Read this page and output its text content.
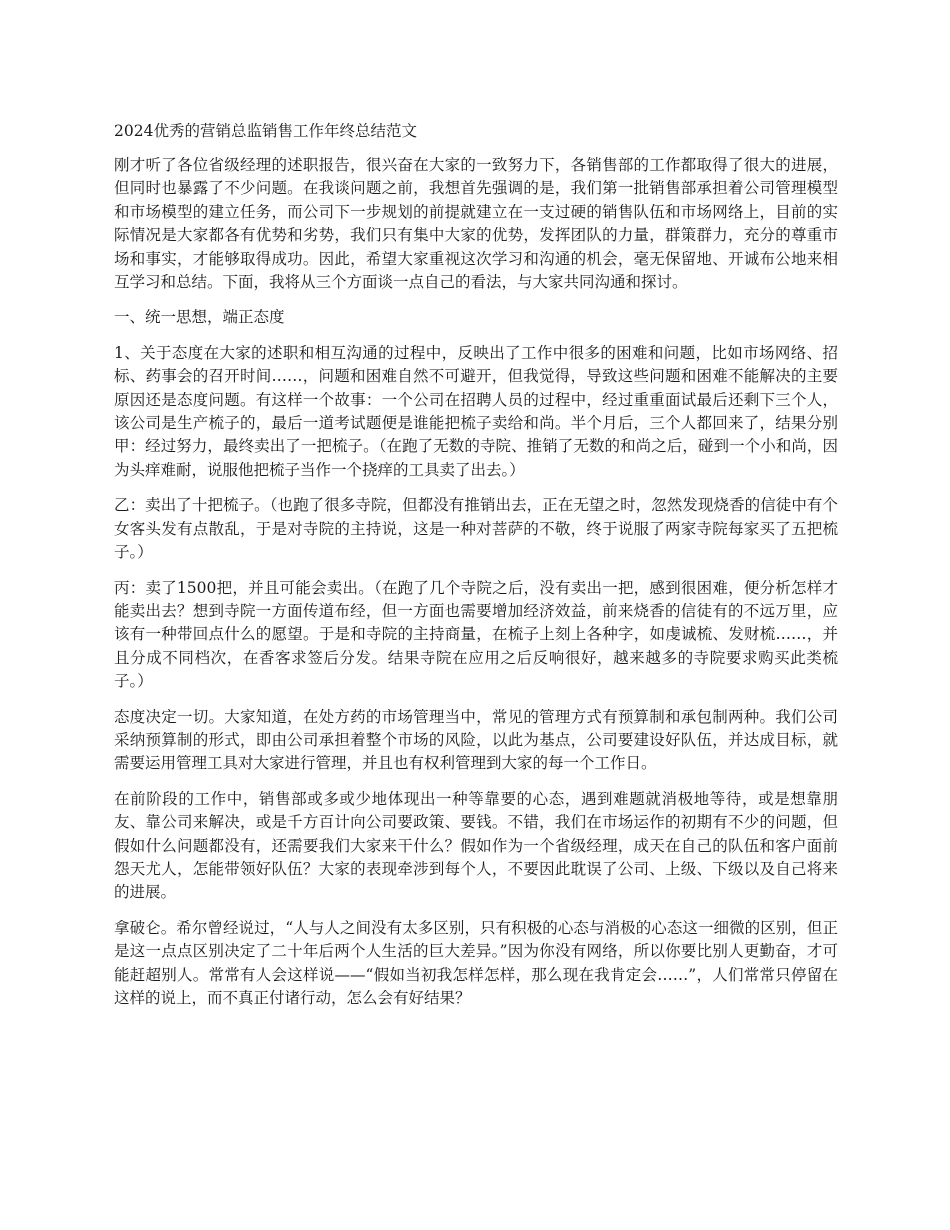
2024优秀的营销总监销售工作年终总结范文

刚才听了各位省级经理的述职报告，很兴奋在大家的一致努力下，各销售部的工作都取得了很大的进展，但同时也暴露了不少问题。在我谈问题之前，我想首先强调的是，我们第一批销售部承担着公司管理模型和市场模型的建立任务，而公司下一步规划的前提就建立在一支过硬的销售队伍和市场网络上，目前的实际情况是大家都各有优势和劣势，我们只有集中大家的优势，发挥团队的力量，群策群力，充分的尊重市场和事实，才能够取得成功。因此，希望大家重视这次学习和沟通的机会，毫无保留地、开诚布公地来相互学习和总结。下面，我将从三个方面谈一点自己的看法，与大家共同沟通和探讨。

一、统一思想，端正态度

1、关于态度在大家的述职和相互沟通的过程中，反映出了工作中很多的困难和问题，比如市场网络、招标、药事会的召开时间……，问题和困难自然不可避开，但我觉得，导致这些问题和困难不能解决的主要原因还是态度问题。有这样一个故事：一个公司在招聘人员的过程中，经过重重面试最后还剩下三个人，该公司是生产梳子的，最后一道考试题便是谁能把梳子卖给和尚。半个月后，三个人都回来了，结果分别甲：经过努力，最终卖出了一把梳子。（在跑了无数的寺院、推销了无数的和尚之后，碰到一个小和尚，因为头痒难耐，说服他把梳子当作一个挠痒的工具卖了出去。）

乙：卖出了十把梳子。（也跑了很多寺院，但都没有推销出去，正在无望之时，忽然发现烧香的信徒中有个女客头发有点散乱，于是对寺院的主持说，这是一种对菩萨的不敬，终于说服了两家寺院每家买了五把梳子。）

丙：卖了1500把，并且可能会卖出。（在跑了几个寺院之后，没有卖出一把，感到很困难，便分析怎样才能卖出去？想到寺院一方面传道布经，但一方面也需要增加经济效益，前来烧香的信徒有的不远万里，应该有一种带回点什么的愿望。于是和寺院的主持商量，在梳子上刻上各种字，如虔诚梳、发财梳……，并且分成不同档次，在香客求签后分发。结果寺院在应用之后反响很好，越来越多的寺院要求购买此类梳子。）

态度决定一切。大家知道，在处方药的市场管理当中，常见的管理方式有预算制和承包制两种。我们公司采纳预算制的形式，即由公司承担着整个市场的风险，以此为基点，公司要建设好队伍，并达成目标，就需要运用管理工具对大家进行管理，并且也有权利管理到大家的每一个工作日。

在前阶段的工作中，销售部或多或少地体现出一种等靠要的心态，遇到难题就消极地等待，或是想靠朋友、靠公司来解决，或是千方百计向公司要政策、要钱。不错，我们在市场运作的初期有不少的问题，但假如什么问题都没有，还需要我们大家来干什么？假如作为一个省级经理，成天在自己的队伍和客户面前怨天尤人，怎能带领好队伍？大家的表现牵涉到每个人，不要因此耽误了公司、上级、下级以及自己将来的进展。

拿破仑。希尔曾经说过，“人与人之间没有太多区别，只有积极的心态与消极的心态这一细微的区别，但正是这一点点区别决定了二十年后两个人生活的巨大差异。”因为你没有网络，所以你要比别人更勤奋，才可能赶超别人。常常有人会这样说——“假如当初我怎样怎样，那么现在我肯定会……”，人们常常只停留在这样的说上，而不真正付诸行动，怎么会有好结果？
